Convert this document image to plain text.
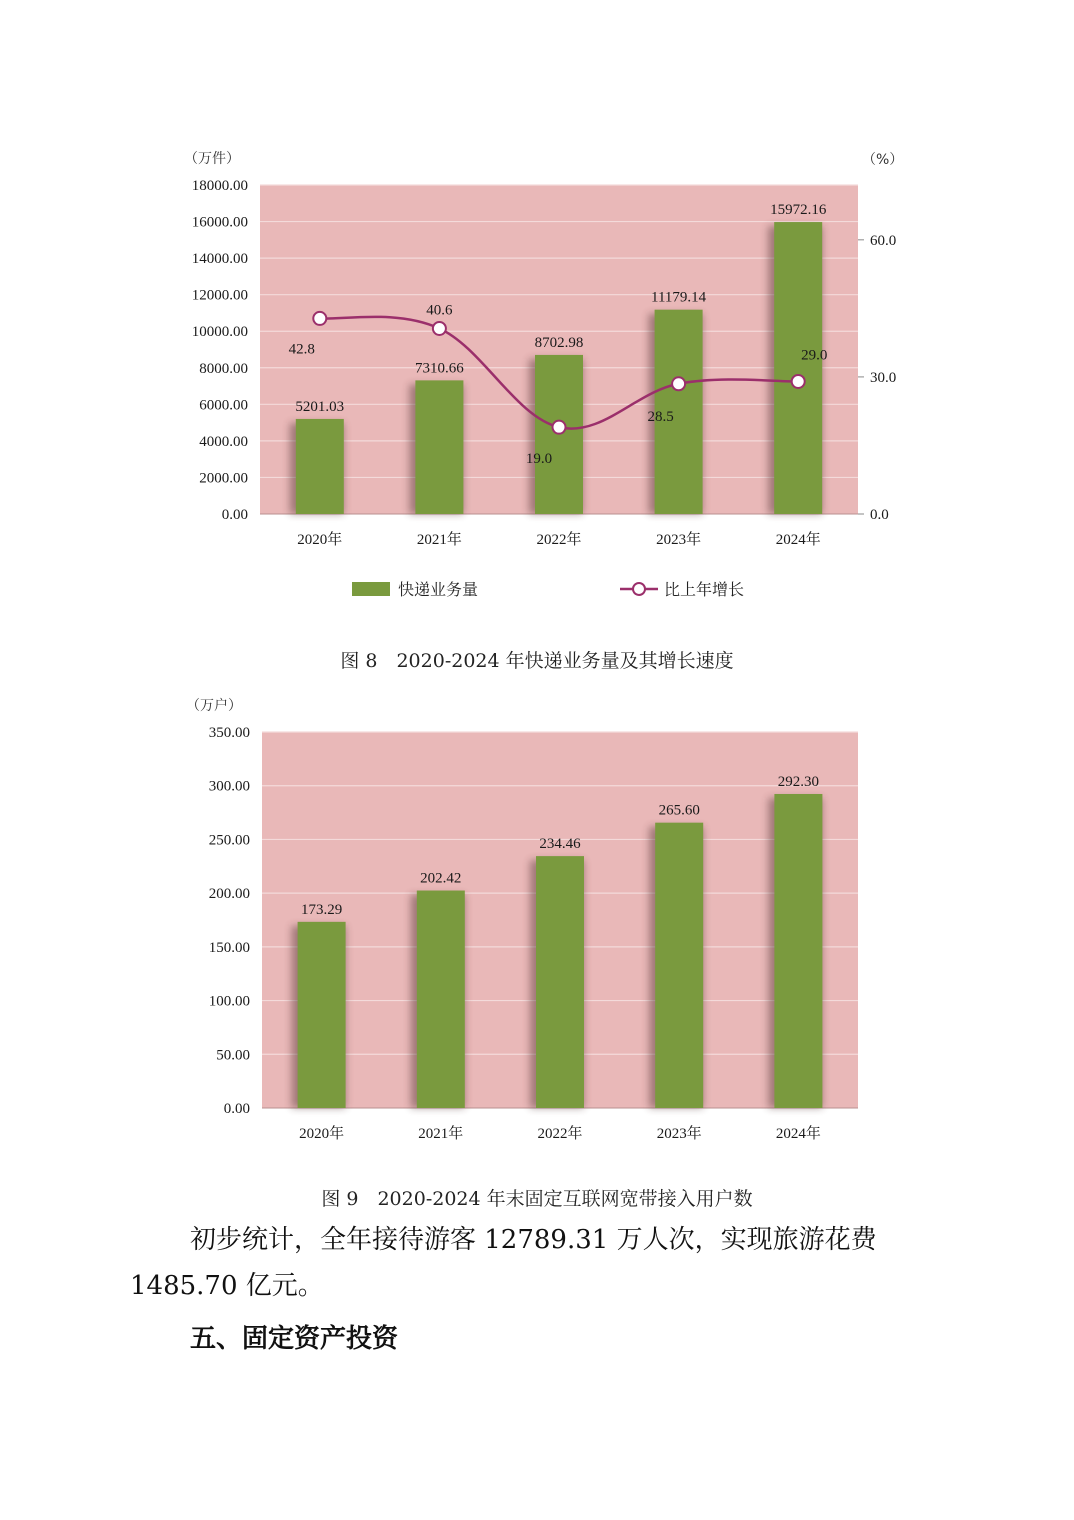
0.00
2000.00
4000.00
6000.00
8000.00
10000.00
12000.00
14000.00
16000.00
18000.00
（万件）
5201.03
2020年
7310.66
2021年
8702.98
2022年
11179.14
2023年
15972.16
2024年
（%）
0.0
30.0
60.0
42.8
40.6
19.0
28.5
29.0
快递业务量	比上年增长
图 8　2020-2024 年快递业务量及其增长速度
0.00
50.00
100.00
150.00
200.00
250.00
300.00
350.00
（万户）
173.29
2020年
202.42
2021年
234.46
2022年
265.60
2023年
292.30
2024年
图 9　2020-2024 年末固定互联网宽带接入用户数
初步统计，全年接待游客 12789.31 万人次，实现旅游花费
1485.70 亿元。
五、固定资产投资
